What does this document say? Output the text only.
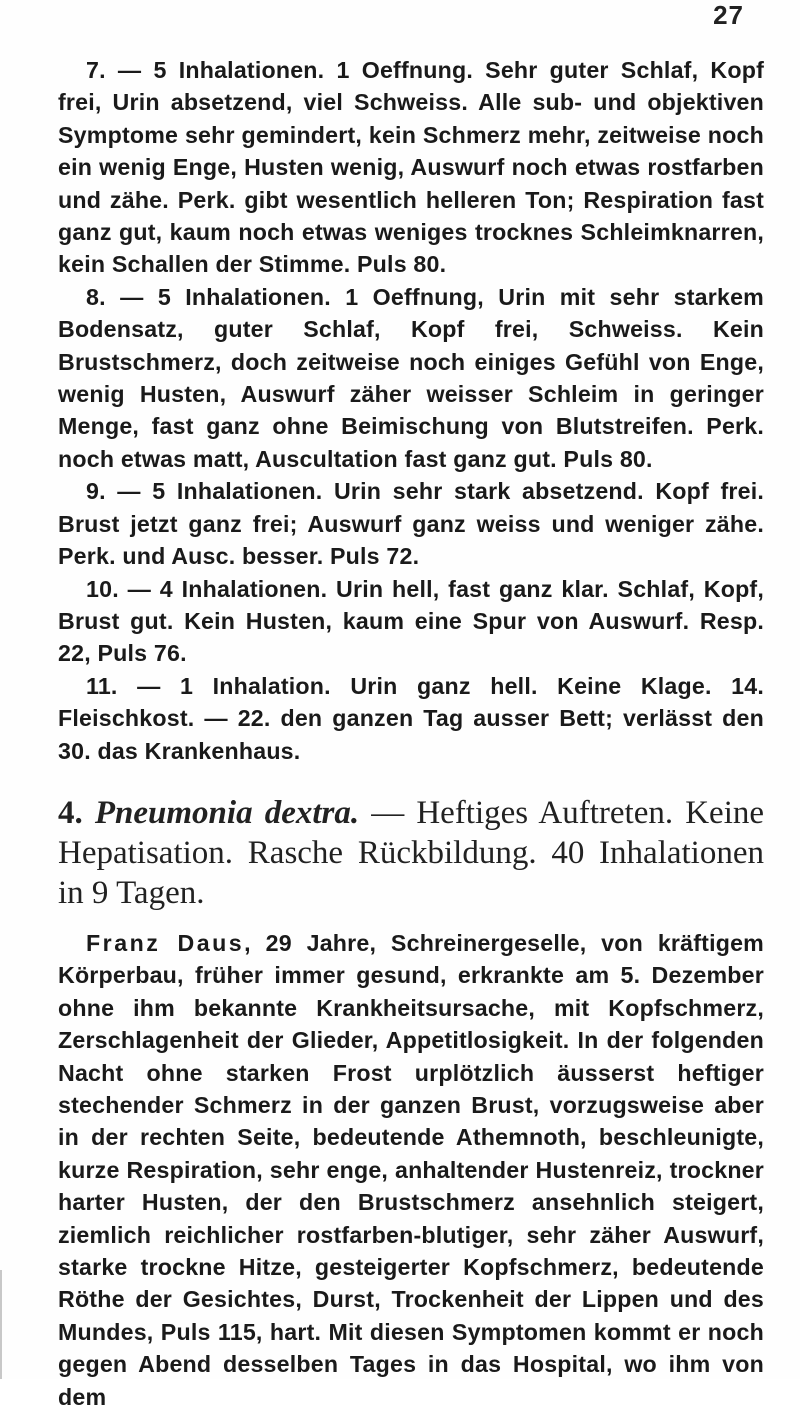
27

7. — 5 Inhalationen. 1 Oeffnung. Sehr guter Schlaf, Kopf frei, Urin absetzend, viel Schweiss. Alle sub- und objektiven Symptome sehr gemindert, kein Schmerz mehr, zeitweise noch ein wenig Enge, Husten wenig, Auswurf noch etwas rostfarben und zähe. Perk. gibt wesentlich helleren Ton; Respiration fast ganz gut, kaum noch etwas weniges trocknes Schleimknarren, kein Schallen der Stimme. Puls 80.

8. — 5 Inhalationen. 1 Oeffnung, Urin mit sehr starkem Bodensatz, guter Schlaf, Kopf frei, Schweiss. Kein Brustschmerz, doch zeitweise noch einiges Gefühl von Enge, wenig Husten, Auswurf zäher weisser Schleim in geringer Menge, fast ganz ohne Beimischung von Blutstreifen. Perk. noch etwas matt, Auscultation fast ganz gut. Puls 80.

9. — 5 Inhalationen. Urin sehr stark absetzend. Kopf frei. Brust jetzt ganz frei; Auswurf ganz weiss und weniger zähe. Perk. und Ausc. besser. Puls 72.

10. — 4 Inhalationen. Urin hell, fast ganz klar. Schlaf, Kopf, Brust gut. Kein Husten, kaum eine Spur von Auswurf. Resp. 22, Puls 76.

11. — 1 Inhalation. Urin ganz hell. Keine Klage. 14. Fleischkost. — 22. den ganzen Tag ausser Bett; verlässt den 30. das Krankenhaus.

4. Pneumonia dextra. — Heftiges Auftreten. Keine Hepatisation. Rasche Rückbildung. 40 Inhalationen in 9 Tagen.

Franz Daus, 29 Jahre, Schreinergeselle, von kräftigem Körperbau, früher immer gesund, erkrankte am 5. Dezember ohne ihm bekannte Krankheitsursache, mit Kopfschmerz, Zerschlagenheit der Glieder, Appetitlosigkeit. In der folgenden Nacht ohne starken Frost urplötzlich äusserst heftiger stechender Schmerz in der ganzen Brust, vorzugsweise aber in der rechten Seite, bedeutende Athemnoth, beschleunigte, kurze Respiration, sehr enge, anhaltender Hustenreiz, trockner harter Husten, der den Brustschmerz ansehnlich steigert, ziemlich reichlicher rostfarben-blutiger, sehr zäher Auswurf, starke trockne Hitze, gesteigerter Kopfschmerz, bedeutende Röthe der Gesichtes, Durst, Trockenheit der Lippen und des Mundes, Puls 115, hart. Mit diesen Symptomen kommt er noch gegen Abend desselben Tages in das Hospital, wo ihm von dem
